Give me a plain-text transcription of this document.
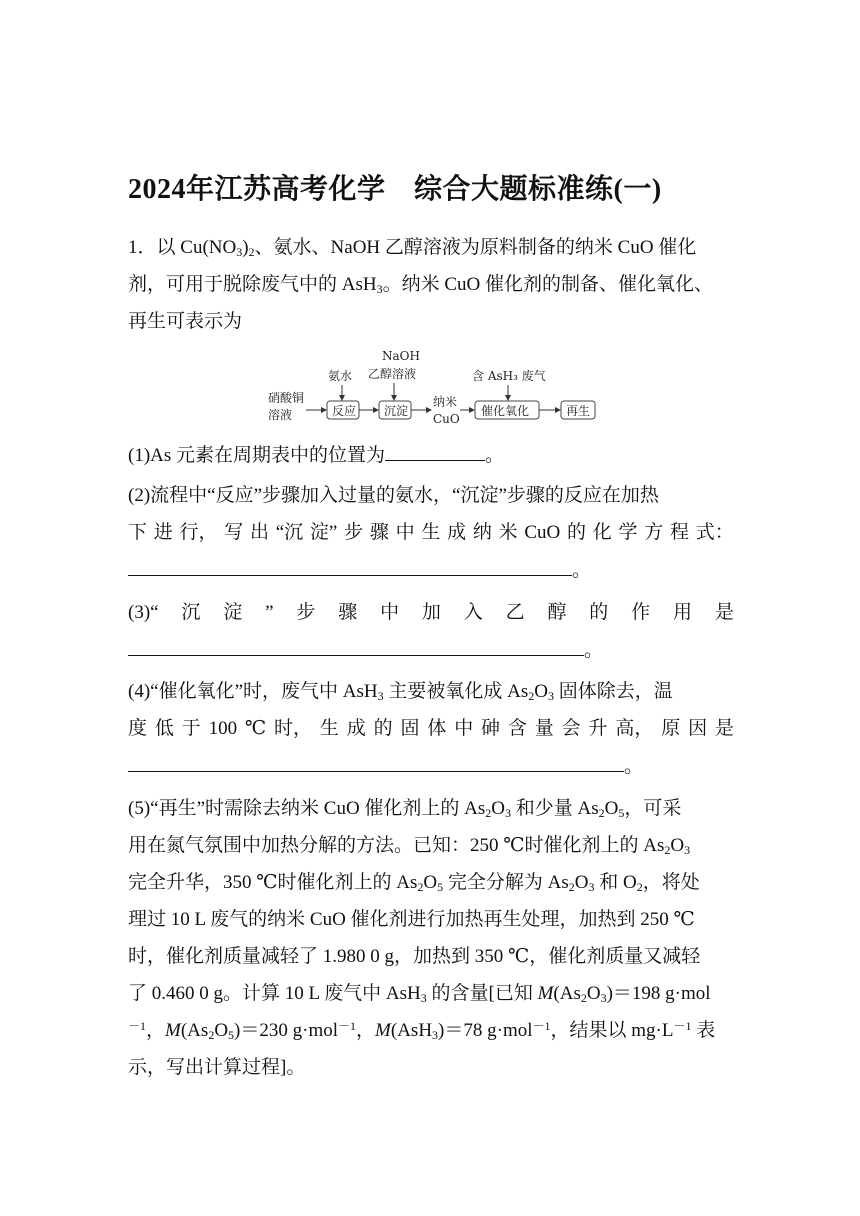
2024年江苏高考化学　综合大题标准练(一)
1．以 $Cu(NO_3)_2$、氨水、NaOH 乙醇溶液为原料制备的纳米 CuO 催化
剂，可用于脱除废气中的 AsH$_3$。纳米 CuO 催化剂的制备、催化氧化、
再生可表示为
硝酸铜
溶液
氨水
反应
NaOH
乙醇溶液
沉淀
纳米
CuO
含 AsH₃ 废气
催化氧化	再生
(1)As 元素在周期表中的位置为	。
(2)流程中“反应”步骤加入过量的氨水，“沉淀”步骤的反应在加热
下 进 行， 写 出 “沉 淀” 步 骤 中 生 成 纳 米 CuO 的 化 学 方 程 式：
。
(3)“ 沉 淀 ” 步 骤 中 加 入 乙 醇 的 作 用 是
。
(4)“催化氧化”时，废气中 AsH$_3$ 主要被氧化成 $As_2O_3$ 固体除去，温
度 低 于 100 ℃ 时， 生 成 的 固 体 中 砷 含 量 会 升 高， 原 因 是
。
(5)“再生”时需除去纳米 CuO 催化剂上的 $As_2O_3$ 和少量 $As_2O_5$，可采
用在氮气氛围中加热分解的方法。已知：250 ℃时催化剂上的 $As_2O_3$
完全升华，350 ℃时催化剂上的 $As_2O_5$ 完全分解为 $As_2O_3$ 和 $O_2$，将处
理过 10 L 废气的纳米 CuO 催化剂进行加热再生处理，加热到 250 ℃
时，催化剂质量减轻了 1.980 0 g，加热到 350 ℃，催化剂质量又减轻
了 0.460 0 g。计算 10 L 废气中 AsH$_3$ 的含量[已知 $M(As_2O_3)=198$ g·mol
$^{-1}$，$M(As_2O_5)=230$ g·mol$^{-1}$，M(AsH$_3$)＝78 g·mol$^{-1}$，结果以 $mg\cdot L^{-1}$ 表
示，写出计算过程]。
